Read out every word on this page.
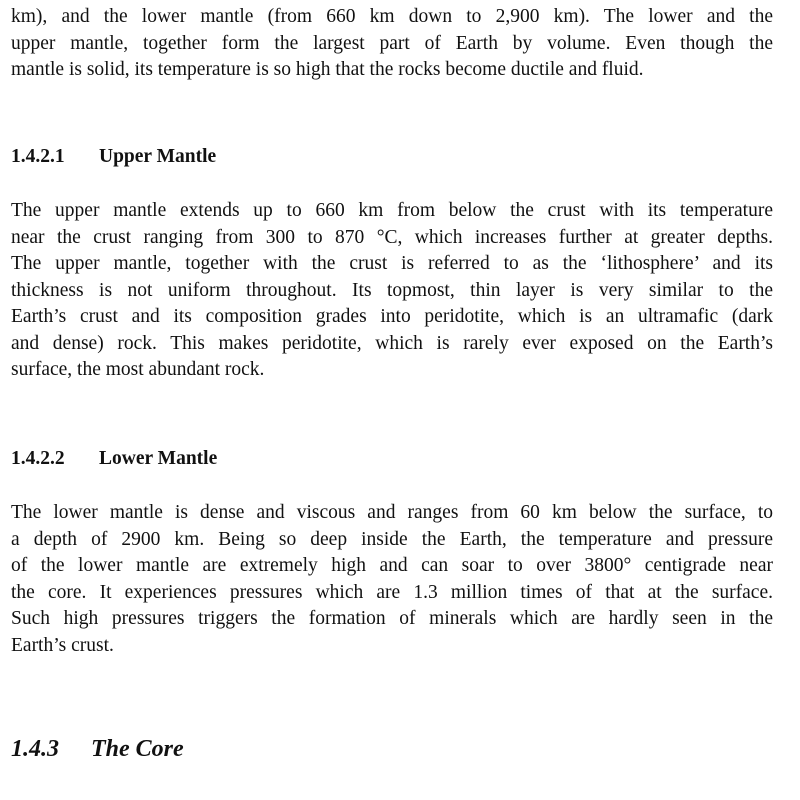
km), and the lower mantle (from 660 km down to 2,900 km). The lower and the
upper mantle, together form the largest part of Earth by volume. Even though the
mantle is solid, its temperature is so high that the rocks become ductile and fluid.

1.4.2.1 Upper Mantle

The upper mantle extends up to 660 km from below the crust with its temperature
near the crust ranging from 300 to 870 °C, which increases further at greater depths.
The upper mantle, together with the crust is referred to as the ‘lithosphere’ and its
thickness is not uniform throughout. Its topmost, thin layer is very similar to the
Earth’s crust and its composition grades into peridotite, which is an ultramafic (dark
and dense) rock. This makes peridotite, which is rarely ever exposed on the Earth’s
surface, the most abundant rock.

1.4.2.2 Lower Mantle

The lower mantle is dense and viscous and ranges from 60 km below the surface, to
a depth of 2900 km. Being so deep inside the Earth, the temperature and pressure
of the lower mantle are extremely high and can soar to over 3800° centigrade near
the core. It experiences pressures which are 1.3 million times of that at the surface.
Such high pressures triggers the formation of minerals which are hardly seen in the
Earth’s crust.

1.4.3 The Core
